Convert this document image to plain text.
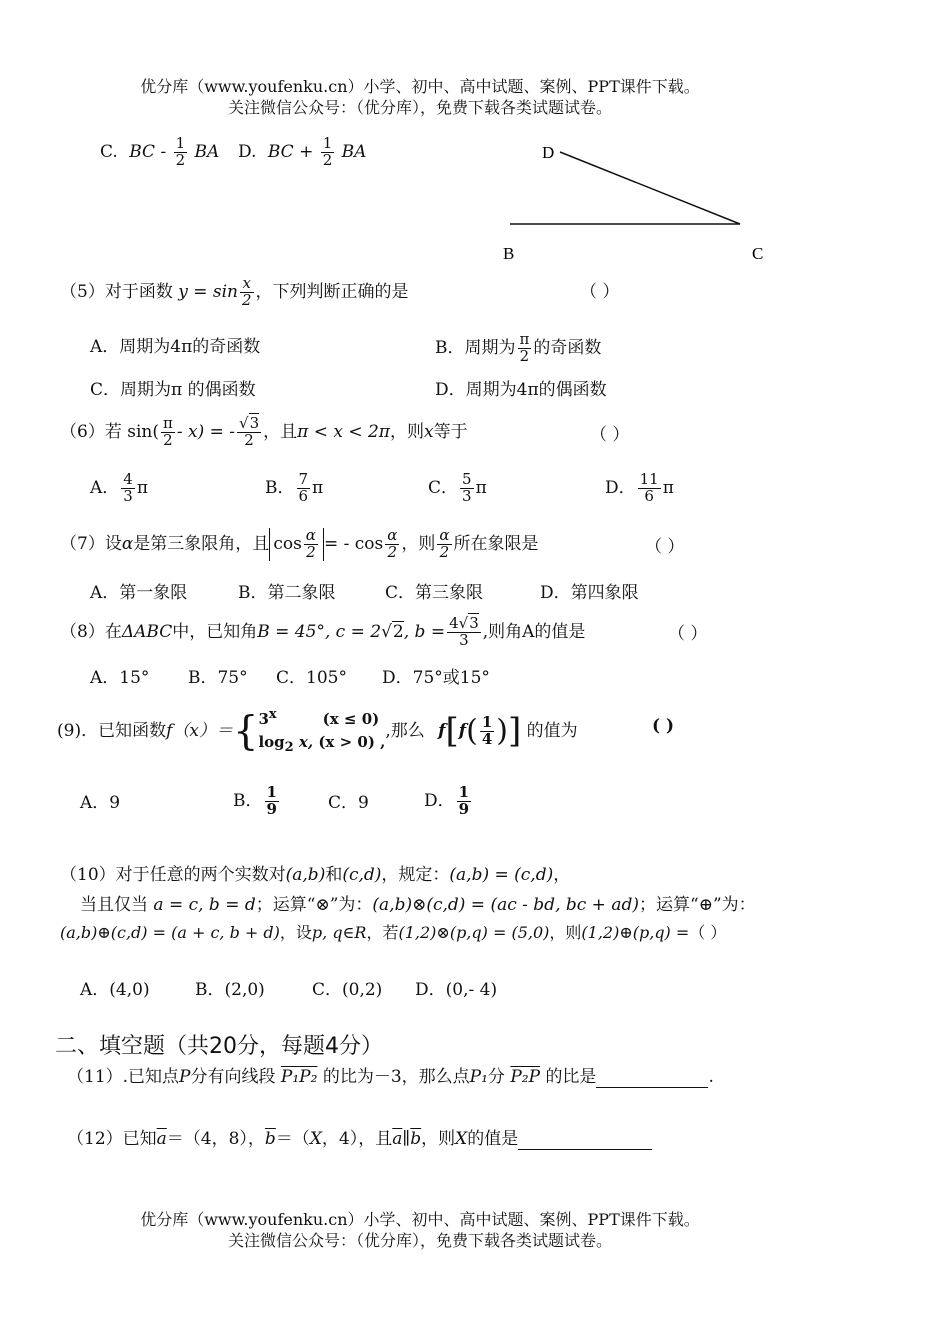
优分库（www.youfenku.cn）小学、初中、高中试题、案例、PPT课件下载。
关注微信公众号：（优分库），免费下载各类试题试卷。
C. BC - $\frac{1}{2}$ BA D. BC + $\frac{1}{2}$ BA	D
B	C
（5）对于函数 $y = \sin \frac{x}{2}$ ，下列判断正确的是	（ ）
A．周期为4π的奇函数	B．周期为 $\frac{\pi}{2}$ 的奇函数
C．周期为π 的偶函数	D．周期为4π的偶函数
（6）若 $\sin( \frac{\pi}{2} - x)$ = - $\frac{√3}{2}$ ，且π < x < 2π，则x等于	（ ）
A． $\frac{4}{3}$ π	B． $\frac{7}{6}$ π	C． $\frac{5}{3}$ π	D． $\frac{11}{6}$ π
（7）设α是第三象限角，且 $\cos \frac{\alpha}{2}$ = - $\cos \frac{\alpha}{2}$ ，则 $\frac{\alpha}{2}$ 所在象限是	（ ）
A．第一象限	B．第二象限	C．第三象限	D．第四象限
（8）在ΔABC中，已知角B = 45°, c = 2√2, $b = \frac{4√3}{3}$ ,则角A的值是	（ ）
A．15° B．75° C．105° D．75°或15°
(9)．已知函数f（x）＝{ 3$^x$	(x ≤ 0)
$\log_2 x$, (x > 0) ,
,那么 $f[f( \frac{1}{4}$ )] 的值为	( )
A．9	B． $\frac{1}{9}$	C．9	D． $\frac{1}{9}$
（10）对于任意的两个实数对(a,b)和(c,d)，规定：(a,b) = (c,d)，
当且仅当 a = c, b = d；运算“⊗”为：(a,b)⊗(c,d) = (ac - bd, bc + ad)；运算“⊕”为：
(a,b)⊕(c,d) = (a + c, b + d)，设p, q∈R，若(1,2)⊗(p,q) = (5,0)，则(1,2)⊕(p,q) =（ ）
A．(4,0)	B．(2,0)	C．(0,2) D．(0,- 4)
二、填空题（共20分，每题4分）
（11）.已知点P分有向线段 P₁P₂ 的比为－3，那么点P₁分 P₂P 的比是	.
（12）已知$\overline{a}=(4$，8），$\overline{b}=(X$，4），且$\overline{a}\parallel\overline{b}$，则X的值是
优分库（www.youfenku.cn）小学、初中、高中试题、案例、PPT课件下载。
关注微信公众号：（优分库），免费下载各类试题试卷。
